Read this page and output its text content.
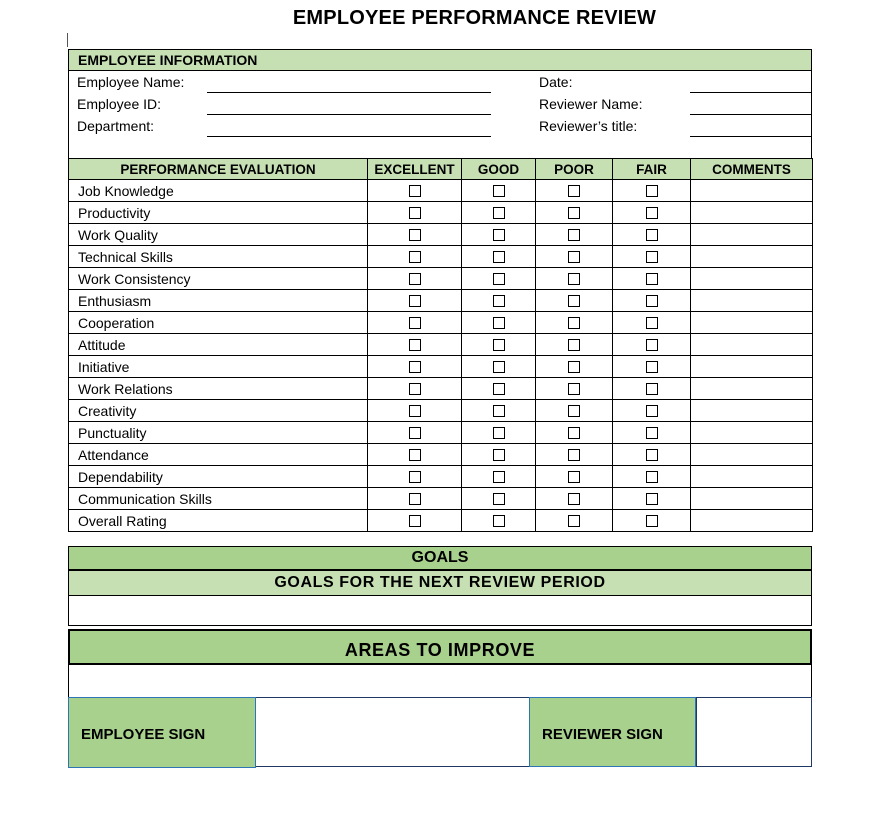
EMPLOYEE PERFORMANCE REVIEW
EMPLOYEE INFORMATION
Employee Name:
Employee ID:
Department:
Date:
Reviewer Name:
Reviewer’s title:
PERFORMANCE EVALUATION	EXCELLENT	GOOD	POOR	FAIR	COMMENTS
Job Knowledge					
Productivity					
Work Quality					
Technical Skills					
Work Consistency					
Enthusiasm					
Cooperation					
Attitude					
Initiative					
Work Relations					
Creativity					
Punctuality					
Attendance					
Dependability					
Communication Skills					
Overall Rating					
GOALS
GOALS FOR THE NEXT REVIEW PERIOD
AREAS TO IMPROVE
EMPLOYEE SIGN	REVIEWER SIGN
